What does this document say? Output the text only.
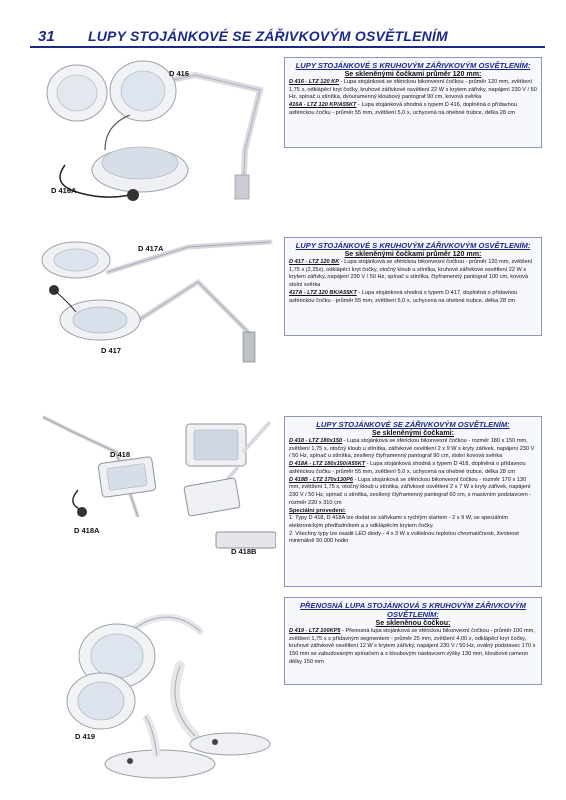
31 LUPY STOJÁNKOVÉ SE ZÁŘIVKOVÝM OSVĚTLENÍM
D 416
D 416A
LUPY STOJÁNKOVÉ S KRUHOVÝM ZÁŘIVKOVÝM OSVĚTLENÍM:
Se skleněnými čočkami průměr 120 mm:
D 416 - LTZ 120 KP - Lupa stojánková se sférickou bikonvexní čočkou - průměr 120 mm, zvětšení 1,75 x, odklápěcí kryt čočky, kruhové zářivkové osvětlení 22 W s krytem zářivky, napájení 230 V / 50 Hz, spínač u stínítka, dvouramenný kloubový pantograf 90 cm, kovová svěrka
416A - LTZ 120 KP/A55KT - Lupa stojánková shodná s typem D 416, doplněná o přídavnou asférickou čočku - průměr 55 mm, zvětšení 5,0 x, uchycená na ohebné trubce, délka 28 cm
D 417A
D 417
LUPY STOJÁNKOVÉ S KRUHOVÝM ZÁŘIVKOVÝM OSVĚTLENÍM:
Se skleněnými čočkami průměr 120 mm:
D 417 - LTZ 120 BK - Lupa stojánková se sférickou bikonvexní čočkou - průměr 120 mm, zvětšení 1,75 x (2,25x), odklápěcí kryt čočky, otočný kloub u stínítka, kruhové zářivkové osvětlení 22 W s krytem zářivky, napájení 230 V / 50 Hz, spínač u stínítka, čtyřramenný pantograf 100 cm, kovová stolní svěrka
417A - LTZ 120 BK/A55KT - Lupa stojánková shodná s typem D 417, doplněná o přídavnou asférickou čočku - průměr 55 mm, zvětšení 5,0 x, uchycená na ohebné trubce, délka 28 cm
D 418
D 418A
D 418B
LUPY STOJÁNKOVÉ SE ZÁŘIVKOVÝM OSVĚTLENÍM:
Se skleněnými čočkami:
D 418 - LTZ 180x150 - Lupa stojánková se sférickou bikonvexní čočkou - rozměr 180 x 150 mm, zvětšení 1,75 x, otočný kloub u stínítka, zářivkové osvětlení 2 x 9 W s kryty zářivek, napájení 230 V / 50 Hz, spínač u stínítka, zesílený čtyřramenný pantograf 90 cm, stolní kovová svěrka
D 418A - LTZ 180x150/A55KT - Lupa stojánková shodná s typem D 418, doplněná o přídavnou asférickou čočku - průměr 55 mm, zvětšení 5,0 x, uchycená na ohebné trubce, délka 28 cm
D 418B - LTZ 170x130P6 - Lupa stojánková se sférickou bikonvexní čočkou - rozměr 170 x 130 mm, zvětšení 1,75 x, otočný kloub u stínítka, zářivkové osvětlení 2 x 7 W s kryty zářivek, napájení 230 V / 50 Hz, spínač u stínítka, zesílený čtyřramenný pantograf 60 cm, s masivním podstavcem - rozměr 220 x 310 cm
Speciální provedení:
1. Typy D 418, D 418A lze dodat se zářivkami s rychlým startem - 2 x 9 W, se speciálním elektronickým předřadníkem a s odklápěcím krytem čočky.
2. Všechny typy lze osadit LED diody - 4 x 3 W s volitelnou teplotou chromatičnosti, životnost minimálně 50.000 hodin
D 419
PŘENOSNÁ LUPA STOJÁNKOVÁ S KRUHOVÝM ZÁŘIVKOVÝM OSVĚTLENÍM:
Se skleněnou čočkou:
D 419 - LTZ 100KP5 - Přenosná lupa stojánková se sférickou bikonvexní čočkou - průměr 100 mm, zvětšení 1,75 x s přídavným segmentem - průměr 25 mm, zvětšení 4,00 x, odklápěcí kryt čočky, kruhové zářivkové osvětlení 12 W s krytem zářivky, napájení 230 V / 50 Hz, oválný podstavec 170 x 150 mm se zabudovaným spínačem a s kloubovým nástavcem výšky 130 mm, kloubové rameno délky 150 mm
